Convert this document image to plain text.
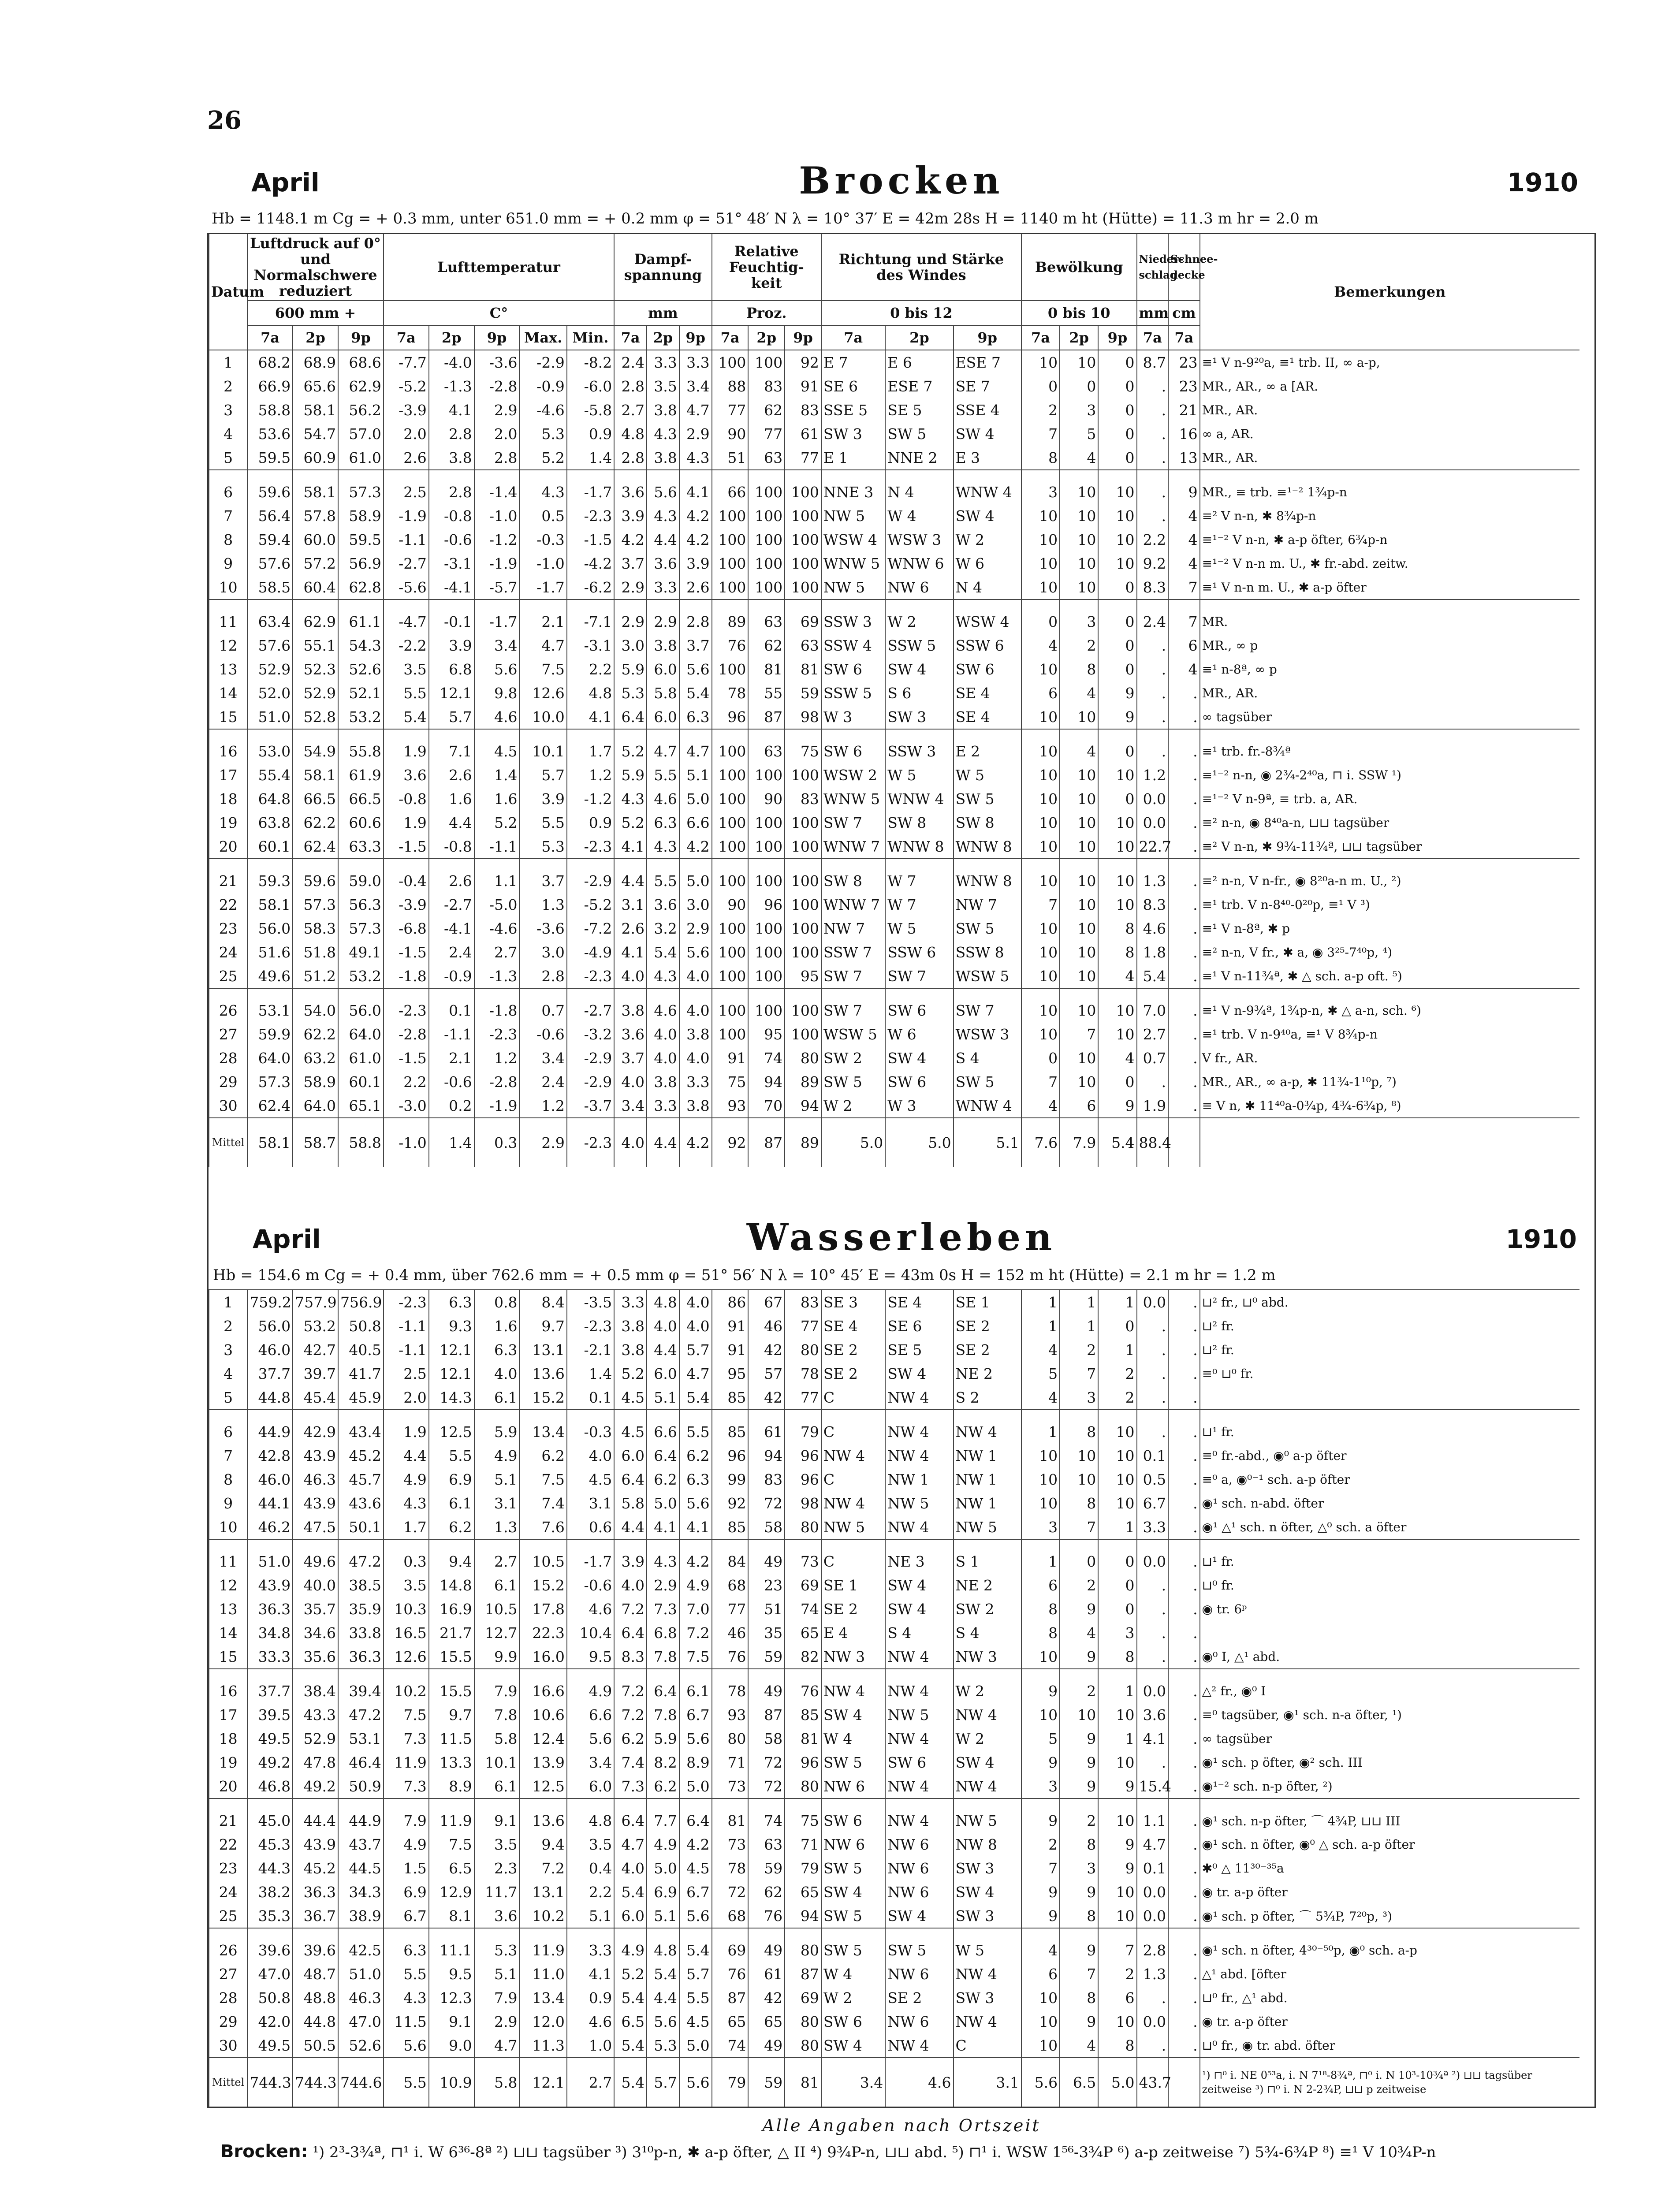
26
April	Brocken	1910
Hb = 1148.1 m Cg = + 0.3 mm, unter 651.0 mm = + 0.2 mm φ = 51° 48′ N λ = 10° 37′ E = 42m 28s H = 1140 m ht (Hütte) = 11.3 m hr = 2.0 m
Datum	Luftdruck auf 0° und Normalschwere reduziert			Lufttemperatur					Dampf-spannung			Relative Feuchtig-keit			Richtung und Stärke des Windes			Bewölkung			Nieder-schlag	Schnee-decke	Bemerkungen
	600 mm +			C°					mm			Proz.			0 bis 12			0 bis 10			mm	cm	
	7a	2p	9p	7a	2p	9p	Max.	Min.	7a	2p	9p	7a	2p	9p	7a	2p	9p	7a	2p	9p	7a	7a	
1	68.2	68.9	68.6	-7.7	-4.0	-3.6	-2.9	-8.2	2.4	3.3	3.3	100	100	92	E 7	E 6	ESE 7	10	10	0	8.7	23	≡¹ V n-9²⁰a, ≡¹ trb. II, ∞ a-p,
2	66.9	65.6	62.9	-5.2	-1.3	-2.8	-0.9	-6.0	2.8	3.5	3.4	88	83	91	SE 6	ESE 7	SE 7	0	0	0	.	23	MR., AR., ∞ a [AR.
3	58.8	58.1	56.2	-3.9	4.1	2.9	-4.6	-5.8	2.7	3.8	4.7	77	62	83	SSE 5	SE 5	SSE 4	2	3	0	.	21	MR., AR.
4	53.6	54.7	57.0	2.0	2.8	2.0	5.3	0.9	4.8	4.3	2.9	90	77	61	SW 3	SW 5	SW 4	7	5	0	.	16	∞ a, AR.
5	59.5	60.9	61.0	2.6	3.8	2.8	5.2	1.4	2.8	3.8	4.3	51	63	77	E 1	NNE 2	E 3	8	4	0	.	13	MR., AR.
6	59.6	58.1	57.3	2.5	2.8	-1.4	4.3	-1.7	3.6	5.6	4.1	66	100	100	NNE 3	N 4	WNW 4	3	10	10	.	9	MR., ≡ trb. ≡¹⁻² 1¾p-n
7	56.4	57.8	58.9	-1.9	-0.8	-1.0	0.5	-2.3	3.9	4.3	4.2	100	100	100	NW 5	W 4	SW 4	10	10	10	.	4	≡² V n-n, ✱ 8¾p-n
8	59.4	60.0	59.5	-1.1	-0.6	-1.2	-0.3	-1.5	4.2	4.4	4.2	100	100	100	WSW 4	WSW 3	W 2	10	10	10	2.2	4	≡¹⁻² V n-n, ✱ a-p öfter, 6¾p-n
9	57.6	57.2	56.9	-2.7	-3.1	-1.9	-1.0	-4.2	3.7	3.6	3.9	100	100	100	WNW 5	WNW 6	W 6	10	10	10	9.2	4	≡¹⁻² V n-n m. U., ✱ fr.-abd. zeitw.
10	58.5	60.4	62.8	-5.6	-4.1	-5.7	-1.7	-6.2	2.9	3.3	2.6	100	100	100	NW 5	NW 6	N 4	10	10	0	8.3	7	≡¹ V n-n m. U., ✱ a-p öfter
11	63.4	62.9	61.1	-4.7	-0.1	-1.7	2.1	-7.1	2.9	2.9	2.8	89	63	69	SSW 3	W 2	WSW 4	0	3	0	2.4	7	MR.
12	57.6	55.1	54.3	-2.2	3.9	3.4	4.7	-3.1	3.0	3.8	3.7	76	62	63	SSW 4	SSW 5	SSW 6	4	2	0	.	6	MR., ∞ p
13	52.9	52.3	52.6	3.5	6.8	5.6	7.5	2.2	5.9	6.0	5.6	100	81	81	SW 6	SW 4	SW 6	10	8	0	.	4	≡¹ n-8ª, ∞ p
14	52.0	52.9	52.1	5.5	12.1	9.8	12.6	4.8	5.3	5.8	5.4	78	55	59	SSW 5	S 6	SE 4	6	4	9	.	.	MR., AR.
15	51.0	52.8	53.2	5.4	5.7	4.6	10.0	4.1	6.4	6.0	6.3	96	87	98	W 3	SW 3	SE 4	10	10	9	.	.	∞ tagsüber
16	53.0	54.9	55.8	1.9	7.1	4.5	10.1	1.7	5.2	4.7	4.7	100	63	75	SW 6	SSW 3	E 2	10	4	0	.	.	≡¹ trb. fr.-8¾ª
17	55.4	58.1	61.9	3.6	2.6	1.4	5.7	1.2	5.9	5.5	5.1	100	100	100	WSW 2	W 5	W 5	10	10	10	1.2	.	≡¹⁻² n-n, ◉ 2¾-2⁴⁰a, ⊓ i. SSW ¹)
18	64.8	66.5	66.5	-0.8	1.6	1.6	3.9	-1.2	4.3	4.6	5.0	100	90	83	WNW 5	WNW 4	SW 5	10	10	0	0.0	.	≡¹⁻² V n-9ª, ≡ trb. a, AR.
19	63.8	62.2	60.6	1.9	4.4	5.2	5.5	0.9	5.2	6.3	6.6	100	100	100	SW 7	SW 8	SW 8	10	10	10	0.0	.	≡² n-n, ◉ 8⁴⁰a-n, ⊔⊔ tagsüber
20	60.1	62.4	63.3	-1.5	-0.8	-1.1	5.3	-2.3	4.1	4.3	4.2	100	100	100	WNW 7	WNW 8	WNW 8	10	10	10	22.7	.	≡² V n-n, ✱ 9¾-11¾ª, ⊔⊔ tagsüber
21	59.3	59.6	59.0	-0.4	2.6	1.1	3.7	-2.9	4.4	5.5	5.0	100	100	100	SW 8	W 7	WNW 8	10	10	10	1.3	.	≡² n-n, V n-fr., ◉ 8²⁰a-n m. U., ²)
22	58.1	57.3	56.3	-3.9	-2.7	-5.0	1.3	-5.2	3.1	3.6	3.0	90	96	100	WNW 7	W 7	NW 7	7	10	10	8.3	.	≡¹ trb. V n-8⁴⁰-0²⁰p, ≡¹ V ³)
23	56.0	58.3	57.3	-6.8	-4.1	-4.6	-3.6	-7.2	2.6	3.2	2.9	100	100	100	NW 7	W 5	SW 5	10	10	8	4.6	.	≡¹ V n-8ª, ✱ p
24	51.6	51.8	49.1	-1.5	2.4	2.7	3.0	-4.9	4.1	5.4	5.6	100	100	100	SSW 7	SSW 6	SSW 8	10	10	8	1.8	.	≡² n-n, V fr., ✱ a, ◉ 3²⁵-7⁴⁰p, ⁴)
25	49.6	51.2	53.2	-1.8	-0.9	-1.3	2.8	-2.3	4.0	4.3	4.0	100	100	95	SW 7	SW 7	WSW 5	10	10	4	5.4	.	≡¹ V n-11¾ª, ✱ △ sch. a-p oft. ⁵)
26	53.1	54.0	56.0	-2.3	0.1	-1.8	0.7	-2.7	3.8	4.6	4.0	100	100	100	SW 7	SW 6	SW 7	10	10	10	7.0	.	≡¹ V n-9¾ª, 1¾p-n, ✱ △ a-n, sch. ⁶)
27	59.9	62.2	64.0	-2.8	-1.1	-2.3	-0.6	-3.2	3.6	4.0	3.8	100	95	100	WSW 5	W 6	WSW 3	10	7	10	2.7	.	≡¹ trb. V n-9⁴⁰a, ≡¹ V 8¾p-n
28	64.0	63.2	61.0	-1.5	2.1	1.2	3.4	-2.9	3.7	4.0	4.0	91	74	80	SW 2	SW 4	S 4	0	10	4	0.7	.	V fr., AR.
29	57.3	58.9	60.1	2.2	-0.6	-2.8	2.4	-2.9	4.0	3.8	3.3	75	94	89	SW 5	SW 6	SW 5	7	10	0	.	.	MR., AR., ∞ a-p, ✱ 11¾-1¹⁰p, ⁷)
30	62.4	64.0	65.1	-3.0	0.2	-1.9	1.2	-3.7	3.4	3.3	3.8	93	70	94	W 2	W 3	WNW 4	4	6	9	1.9	.	≡ V n, ✱ 11⁴⁰a-0¾p, 4¾-6¾p, ⁸)
Mittel	58.1	58.7	58.8	-1.0	1.4	0.3	2.9	-2.3	4.0	4.4	4.2	92	87	89	5.0	5.0	5.1	7.6	7.9	5.4	88.4		
April	Wasserleben	1910
Hb = 154.6 m Cg = + 0.4 mm, über 762.6 mm = + 0.5 mm φ = 51° 56′ N λ = 10° 45′ E = 43m 0s H = 152 m ht (Hütte) = 2.1 m hr = 1.2 m
1	759.2	757.9	756.9	-2.3	6.3	0.8	8.4	-3.5	3.3	4.8	4.0	86	67	83	SE 3	SE 4	SE 1	1	1	1	0.0	.	⊔² fr., ⊔⁰ abd.
2	56.0	53.2	50.8	-1.1	9.3	1.6	9.7	-2.3	3.8	4.0	4.0	91	46	77	SE 4	SE 6	SE 2	1	1	0	.	.	⊔² fr.
3	46.0	42.7	40.5	-1.1	12.1	6.3	13.1	-2.1	3.8	4.4	5.7	91	42	80	SE 2	SE 5	SE 2	4	2	1	.	.	⊔² fr.
4	37.7	39.7	41.7	2.5	12.1	4.0	13.6	1.4	5.2	6.0	4.7	95	57	78	SE 2	SW 4	NE 2	5	7	2	.	.	≡⁰ ⊔⁰ fr.
5	44.8	45.4	45.9	2.0	14.3	6.1	15.2	0.1	4.5	5.1	5.4	85	42	77	C	NW 4	S 2	4	3	2	.	.	
6	44.9	42.9	43.4	1.9	12.5	5.9	13.4	-0.3	4.5	6.6	5.5	85	61	79	C	NW 4	NW 4	1	8	10	.	.	⊔¹ fr.
7	42.8	43.9	45.2	4.4	5.5	4.9	6.2	4.0	6.0	6.4	6.2	96	94	96	NW 4	NW 4	NW 1	10	10	10	0.1	.	≡⁰ fr.-abd., ◉⁰ a-p öfter
8	46.0	46.3	45.7	4.9	6.9	5.1	7.5	4.5	6.4	6.2	6.3	99	83	96	C	NW 1	NW 1	10	10	10	0.5	.	≡⁰ a, ◉⁰⁻¹ sch. a-p öfter
9	44.1	43.9	43.6	4.3	6.1	3.1	7.4	3.1	5.8	5.0	5.6	92	72	98	NW 4	NW 5	NW 1	10	8	10	6.7	.	◉¹ sch. n-abd. öfter
10	46.2	47.5	50.1	1.7	6.2	1.3	7.6	0.6	4.4	4.1	4.1	85	58	80	NW 5	NW 4	NW 5	3	7	1	3.3	.	◉¹ △¹ sch. n öfter, △⁰ sch. a öfter
11	51.0	49.6	47.2	0.3	9.4	2.7	10.5	-1.7	3.9	4.3	4.2	84	49	73	C	NE 3	S 1	1	0	0	0.0	.	⊔¹ fr.
12	43.9	40.0	38.5	3.5	14.8	6.1	15.2	-0.6	4.0	2.9	4.9	68	23	69	SE 1	SW 4	NE 2	6	2	0	.	.	⊔⁰ fr.
13	36.3	35.7	35.9	10.3	16.9	10.5	17.8	4.6	7.2	7.3	7.0	77	51	74	SE 2	SW 4	SW 2	8	9	0	.	.	◉ tr. 6ᵖ
14	34.8	34.6	33.8	16.5	21.7	12.7	22.3	10.4	6.4	6.8	7.2	46	35	65	E 4	S 4	S 4	8	4	3	.	.	
15	33.3	35.6	36.3	12.6	15.5	9.9	16.0	9.5	8.3	7.8	7.5	76	59	82	NW 3	NW 4	NW 3	10	9	8	.	.	◉⁰ I, △¹ abd.
16	37.7	38.4	39.4	10.2	15.5	7.9	16.6	4.9	7.2	6.4	6.1	78	49	76	NW 4	NW 4	W 2	9	2	1	0.0	.	△² fr., ◉⁰ I
17	39.5	43.3	47.2	7.5	9.7	7.8	10.6	6.6	7.2	7.8	6.7	93	87	85	SW 4	NW 5	NW 4	10	10	10	3.6	.	≡⁰ tagsüber, ◉¹ sch. n-a öfter, ¹)
18	49.5	52.9	53.1	7.3	11.5	5.8	12.4	5.6	6.2	5.9	5.6	80	58	81	W 4	NW 4	W 2	5	9	1	4.1	.	∞ tagsüber
19	49.2	47.8	46.4	11.9	13.3	10.1	13.9	3.4	7.4	8.2	8.9	71	72	96	SW 5	SW 6	SW 4	9	9	10	.	.	◉¹ sch. p öfter, ◉² sch. III
20	46.8	49.2	50.9	7.3	8.9	6.1	12.5	6.0	7.3	6.2	5.0	73	72	80	NW 6	NW 4	NW 4	3	9	9	15.4	.	◉¹⁻² sch. n-p öfter, ²)
21	45.0	44.4	44.9	7.9	11.9	9.1	13.6	4.8	6.4	7.7	6.4	81	74	75	SW 6	NW 4	NW 5	9	2	10	1.1	.	◉¹ sch. n-p öfter, ⌒ 4¾P, ⊔⊔ III
22	45.3	43.9	43.7	4.9	7.5	3.5	9.4	3.5	4.7	4.9	4.2	73	63	71	NW 6	NW 6	NW 8	2	8	9	4.7	.	◉¹ sch. n öfter, ◉⁰ △ sch. a-p öfter
23	44.3	45.2	44.5	1.5	6.5	2.3	7.2	0.4	4.0	5.0	4.5	78	59	79	SW 5	NW 6	SW 3	7	3	9	0.1	.	✱⁰ △ 11³⁰⁻³⁵a
24	38.2	36.3	34.3	6.9	12.9	11.7	13.1	2.2	5.4	6.9	6.7	72	62	65	SW 4	NW 6	SW 4	9	9	10	0.0	.	◉ tr. a-p öfter
25	35.3	36.7	38.9	6.7	8.1	3.6	10.2	5.1	6.0	5.1	5.6	68	76	94	SW 5	SW 4	SW 3	9	8	10	0.0	.	◉¹ sch. p öfter, ⌒ 5¾P, 7²⁰p, ³)
26	39.6	39.6	42.5	6.3	11.1	5.3	11.9	3.3	4.9	4.8	5.4	69	49	80	SW 5	SW 5	W 5	4	9	7	2.8	.	◉¹ sch. n öfter, 4³⁰⁻⁵⁰p, ◉⁰ sch. a-p
27	47.0	48.7	51.0	5.5	9.5	5.1	11.0	4.1	5.2	5.4	5.7	76	61	87	W 4	NW 6	NW 4	6	7	2	1.3	.	△¹ abd. [öfter
28	50.8	48.8	46.3	4.3	12.3	7.9	13.4	0.9	5.4	4.4	5.5	87	42	69	W 2	SE 2	SW 3	10	8	6	.	.	⊔⁰ fr., △¹ abd.
29	42.0	44.8	47.0	11.5	9.1	2.9	12.0	4.6	6.5	5.6	4.5	65	65	80	SW 6	NW 6	NW 4	10	9	10	0.0	.	◉ tr. a-p öfter
30	49.5	50.5	52.6	5.6	9.0	4.7	11.3	1.0	5.4	5.3	5.0	74	49	80	SW 4	NW 4	C	10	4	8	.	.	⊔⁰ fr., ◉ tr. abd. öfter
Mittel	744.3	744.3	744.6	5.5	10.9	5.8	12.1	2.7	5.4	5.7	5.6	79	59	81	3.4	4.6	3.1	5.6	6.5	5.0	43.7		¹) ⊓⁰ i. NE 0⁵³a, i. N 7¹⁸-8¾ª, ⊓⁰ i. N 10³-10¾ª ²) ⊔⊔ tagsüber zeitweise ³) ⊓⁰ i. N 2-2¾P, ⊔⊔ p zeitweise
Alle Angaben nach Ortszeit
Brocken: ¹) 2³-3¾ª, ⊓¹ i. W 6³⁶-8ª ²) ⊔⊔ tagsüber ³) 3¹⁰p-n, ✱ a-p öfter, △ II ⁴) 9¾P-n, ⊔⊔ abd. ⁵) ⊓¹ i. WSW 1⁵⁶-3¾P ⁶) a-p zeitweise ⁷) 5¾-6¾P ⁸) ≡¹ V 10¾P-n
